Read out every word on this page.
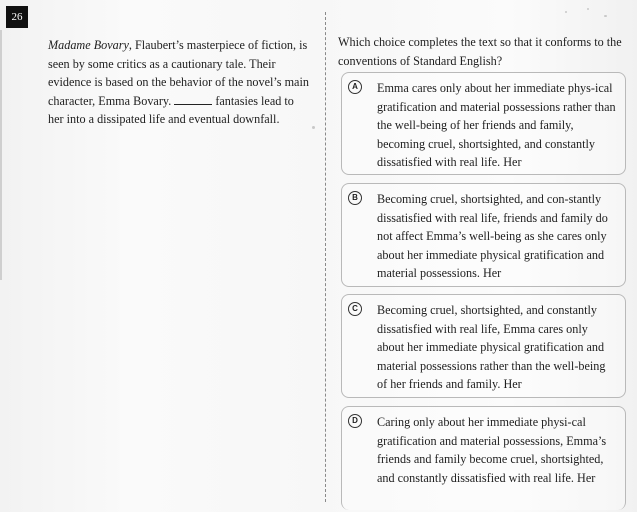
26

Madame Bovary, Flaubert’s masterpiece of fiction, is seen by some critics as a cautionary tale. Their evidence is based on the behavior of the novel’s main character, Emma Bovary.	fantasies lead to her into a dissipated life and eventual downfall.

Which choice completes the text so that it conforms to the conventions of Standard English?

A	Emma cares only about her immediate phys-ical gratification and material possessions rather than the well-being of her friends and family, becoming cruel, shortsighted, and constantly dissatisfied with real life. Her

B	Becoming cruel, shortsighted, and con-stantly dissatisfied with real life, friends and family do not affect Emma’s well-being as she cares only about her immediate physical gratification and material possessions. Her

C	Becoming cruel, shortsighted, and constantly dissatisfied with real life, Emma cares only about her immediate physical gratification and material possessions rather than the well-being of her friends and family. Her

D	Caring only about her immediate physi-cal gratification and material possessions, Emma’s friends and family become cruel, shortsighted, and constantly dissatisfied with real life. Her
